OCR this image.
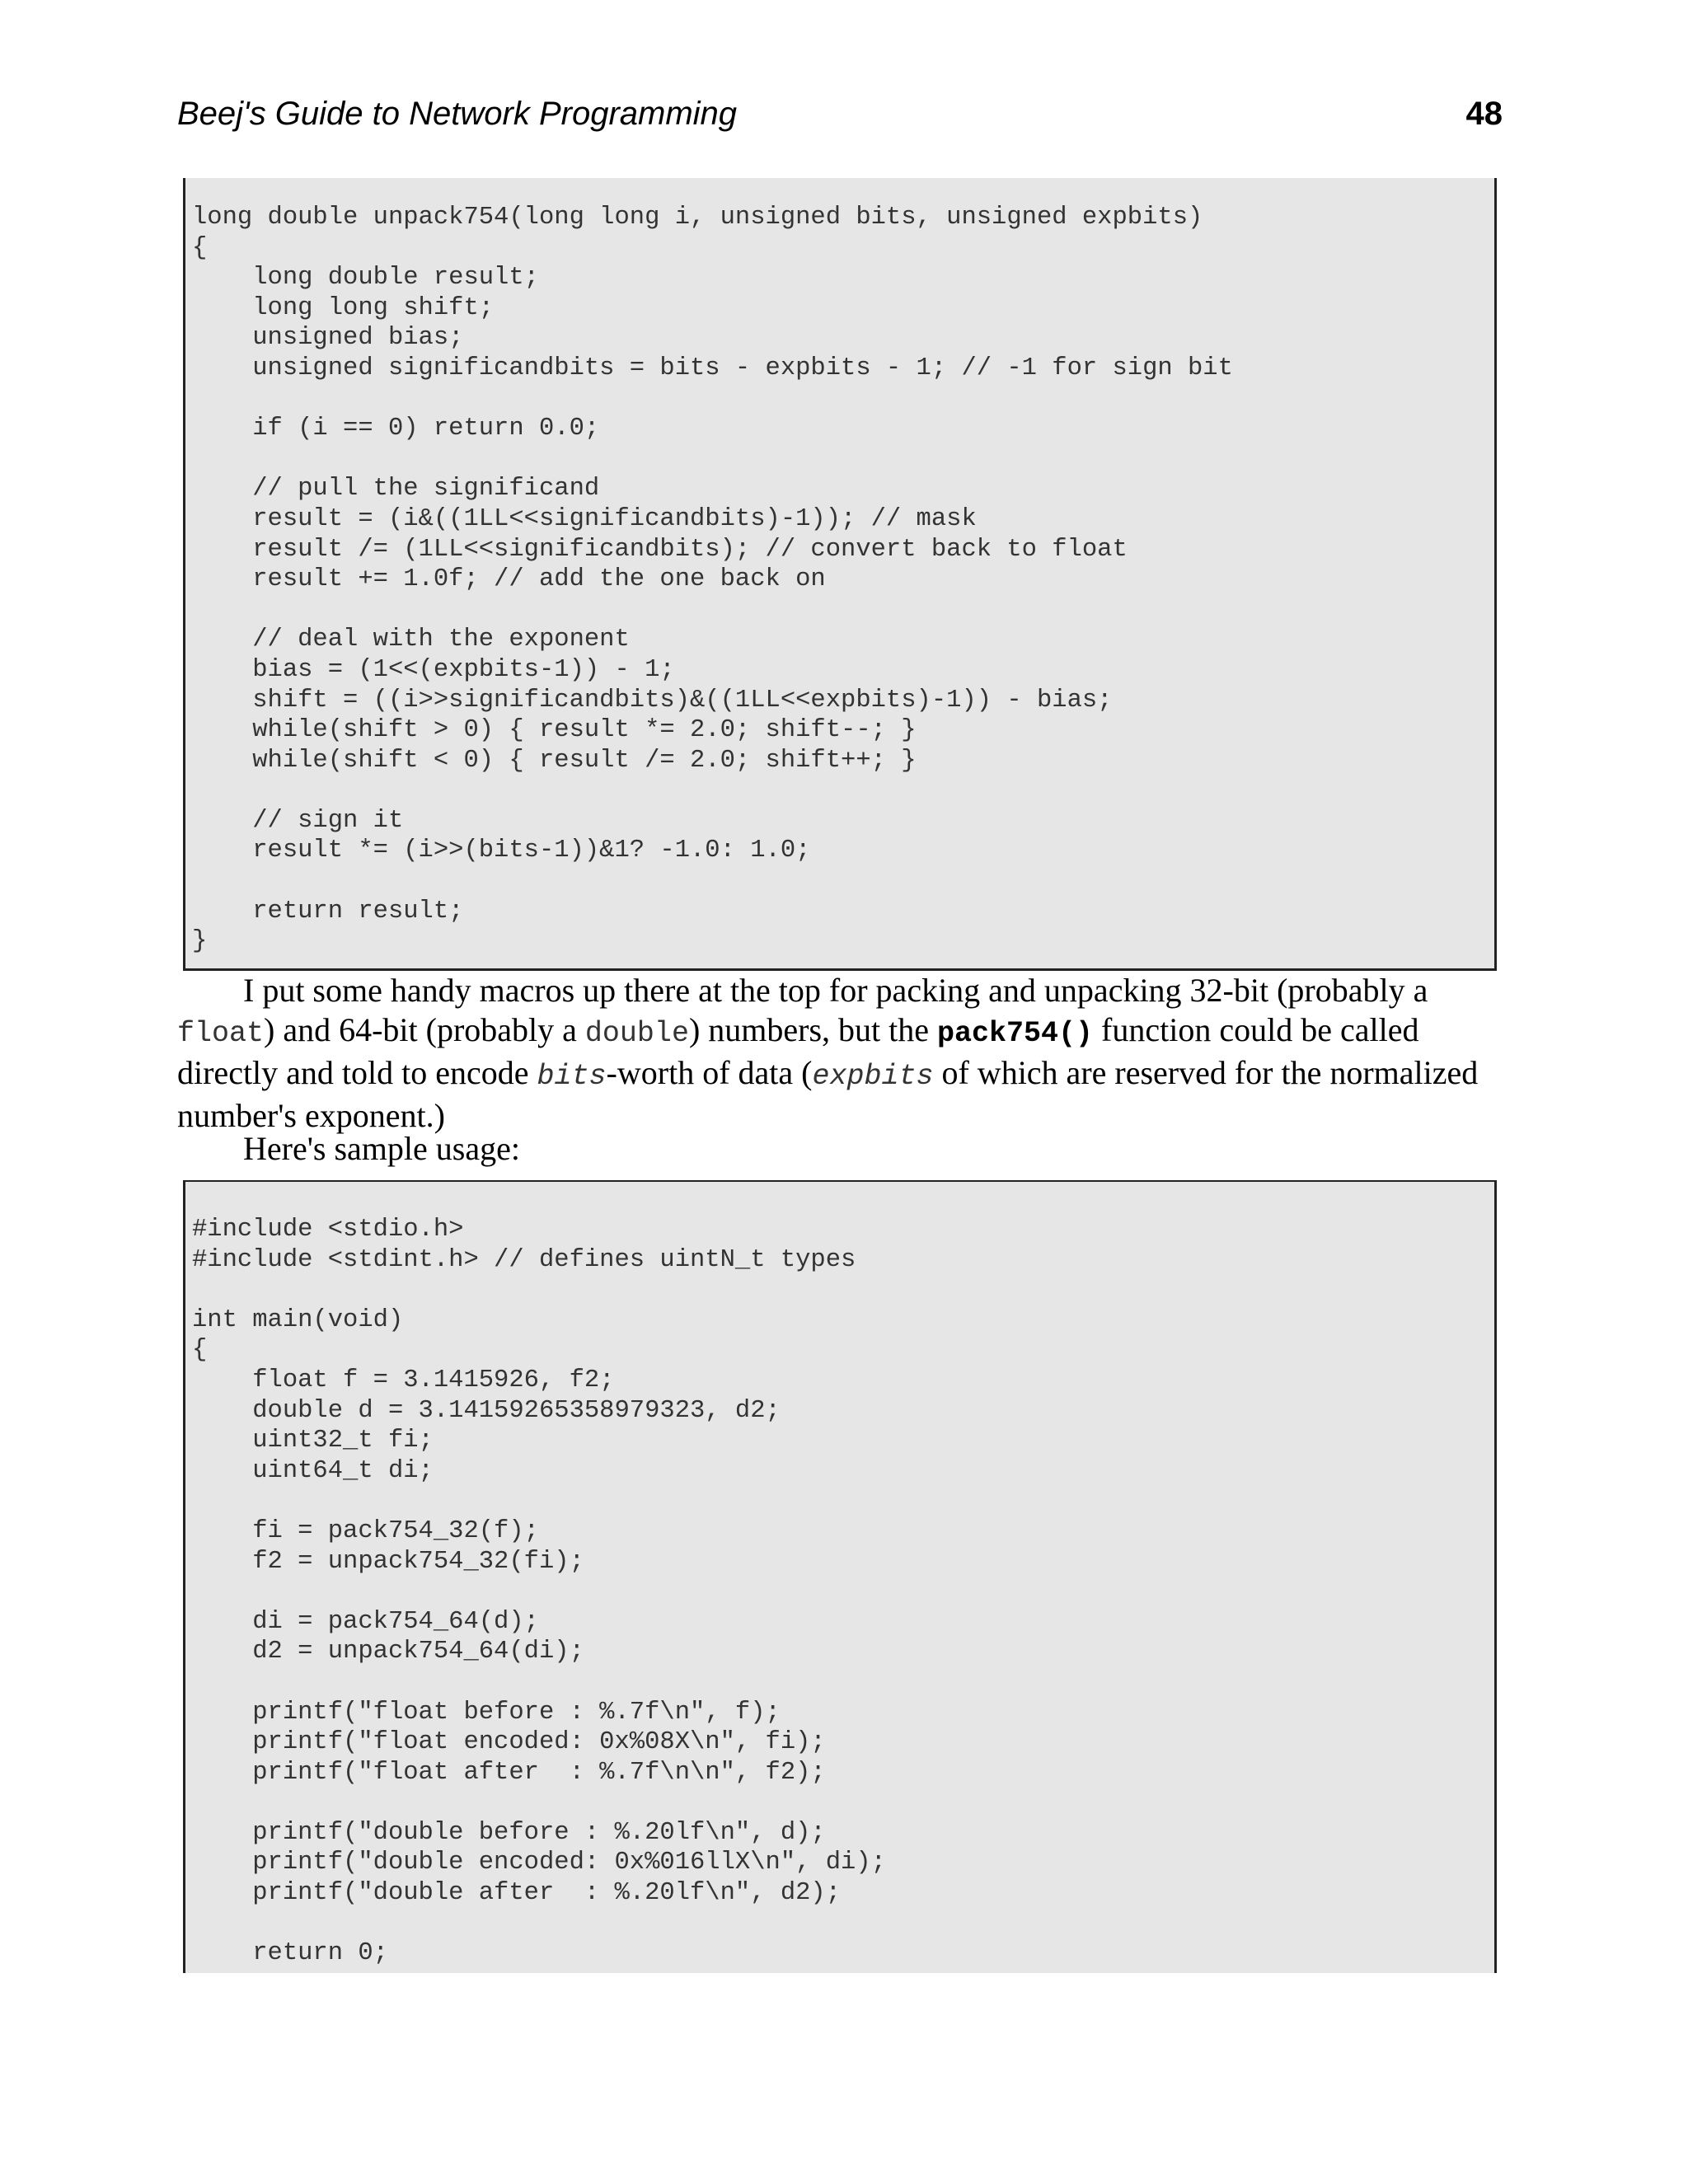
Beej's Guide to Network Programming	48
long double unpack754(long long i, unsigned bits, unsigned expbits)
{
long double result;
long long shift;
unsigned bias;
unsigned significandbits = bits - expbits - 1; // -1 for sign bit

if (i == 0) return 0.0;

// pull the significand
result = (i&((1LL<<significandbits)-1)); // mask
result /= (1LL<<significandbits); // convert back to float
result += 1.0f; // add the one back on

// deal with the exponent
bias = (1<<(expbits-1)) - 1;
shift = ((i>>significandbits)&((1LL<<expbits)-1)) - bias;
while(shift > 0) { result *= 2.0; shift--; }
while(shift < 0) { result /= 2.0; shift++; }

// sign it
result *= (i>>(bits-1))&1? -1.0: 1.0;

return result;
}
I put some handy macros up there at the top for packing and unpacking 32-bit (probably a
float) and 64-bit (probably a double) numbers, but the pack754() function could be called
directly and told to encode bits-worth of data (expbits of which are reserved for the normalized
number's exponent.)
Here's sample usage:
#include <stdio.h>
#include <stdint.h> // defines uintN_t types

int main(void)
{
float f = 3.1415926, f2;
double d = 3.14159265358979323, d2;
uint32_t fi;
uint64_t di;

fi = pack754_32(f);
f2 = unpack754_32(fi);

di = pack754_64(d);
d2 = unpack754_64(di);

printf("float before : %.7f\n", f);
printf("float encoded: 0x%08X\n", fi);
printf("float after  : %.7f\n\n", f2);

printf("double before : %.20lf\n", d);
printf("double encoded: 0x%016llX\n", di);
printf("double after  : %.20lf\n", d2);

return 0;
